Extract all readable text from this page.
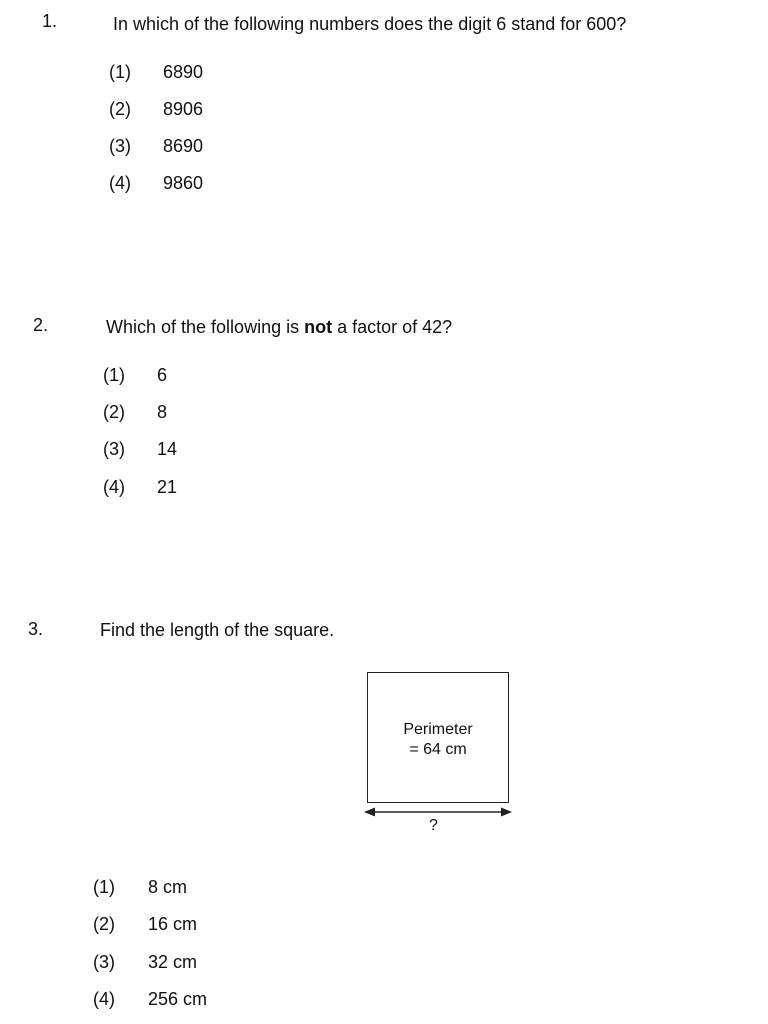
1.	In which of the following numbers does the digit 6 stand for 600?
(1) 6890
(2) 8906
(3) 8690
(4) 9860
2.	Which of the following is not a factor of 42?
(1) 6
(2) 8
(3) 14
(4) 21
3.	Find the length of the square.
Perimeter
= 64 cm
?
(1) 8 cm
(2) 16 cm
(3) 32 cm
(4) 256 cm
